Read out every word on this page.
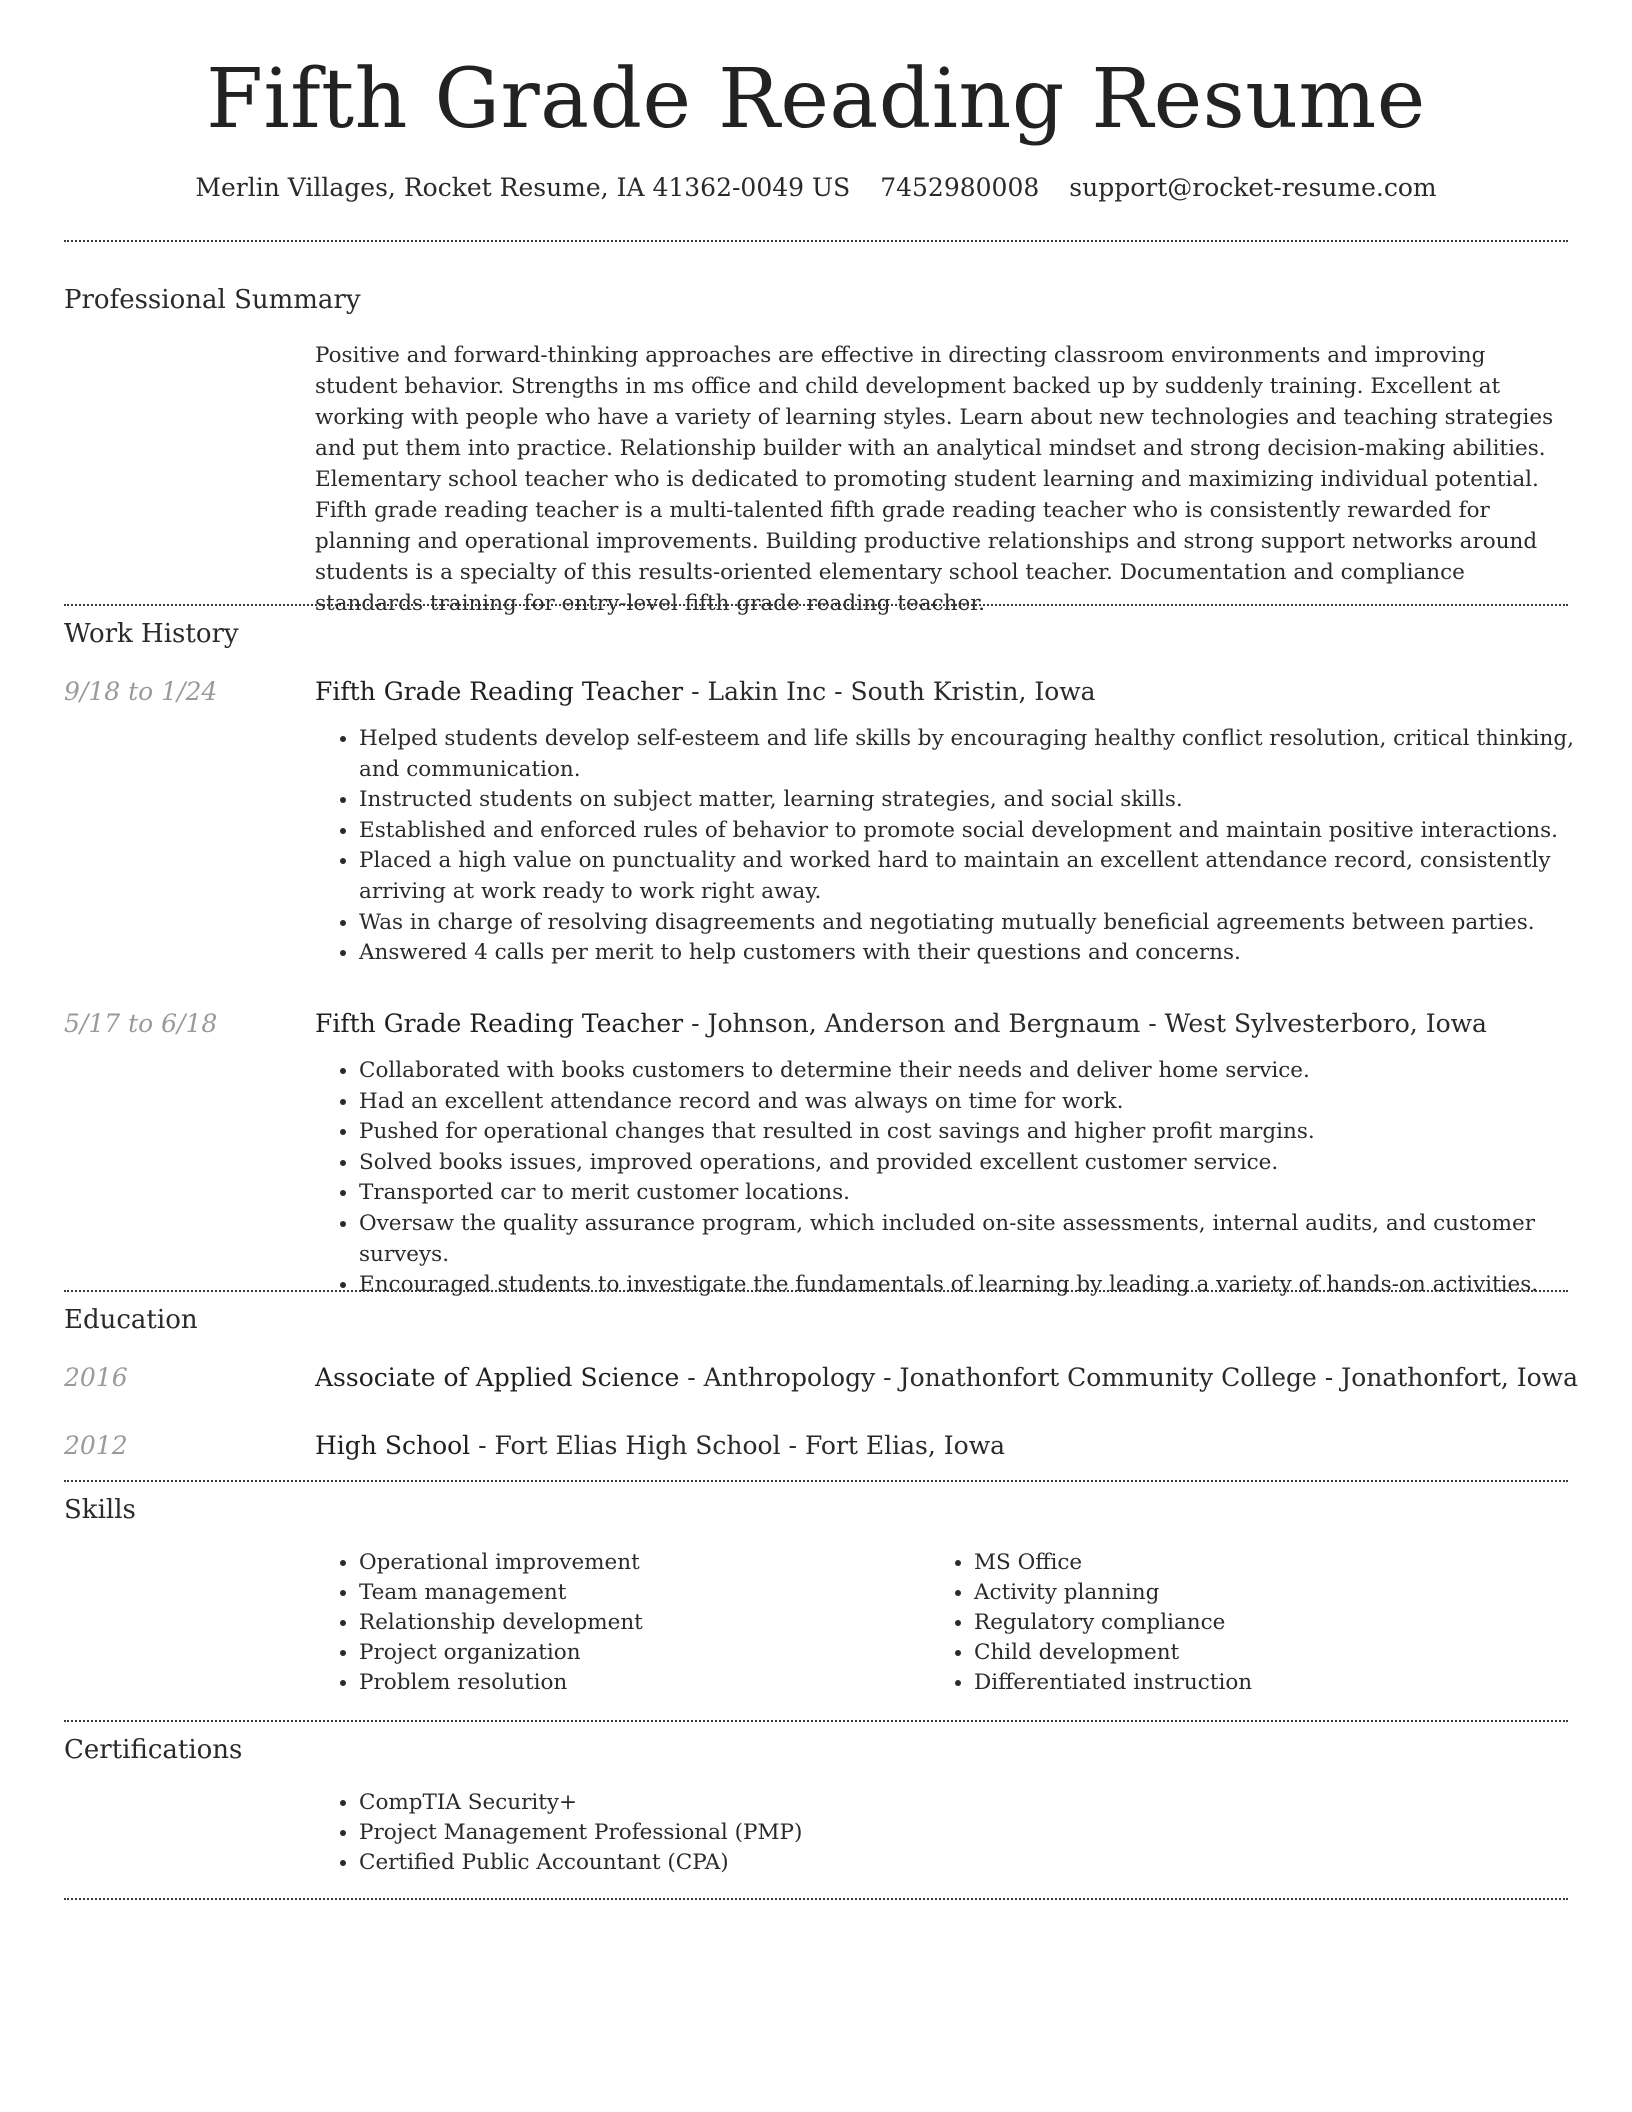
Fifth Grade Reading Resume
Merlin Villages, Rocket Resume, IA 41362-0049 US 7452980008 support@rocket-resume.com
Professional Summary

Positive and forward-thinking approaches are effective in directing classroom environments and improving student behavior. Strengths in ms office and child development backed up by suddenly training. Excellent at working with people who have a variety of learning styles. Learn about new technologies and teaching strategies and put them into practice. Relationship builder with an analytical mindset and strong decision-making abilities. Elementary school teacher who is dedicated to promoting student learning and maximizing individual potential. Fifth grade reading teacher is a multi-talented fifth grade reading teacher who is consistently rewarded for planning and operational improvements. Building productive relationships and strong support networks around students is a specialty of this results-oriented elementary school teacher. Documentation and compliance standards training for entry-level fifth grade reading teacher.

Work History
9/18 to 1/24	Fifth Grade Reading Teacher - Lakin Inc - South Kristin, Iowa
• Helped students develop self-esteem and life skills by encouraging healthy conflict resolution, critical thinking, and communication.
• Instructed students on subject matter, learning strategies, and social skills.
• Established and enforced rules of behavior to promote social development and maintain positive interactions.
• Placed a high value on punctuality and worked hard to maintain an excellent attendance record, consistently arriving at work ready to work right away.
• Was in charge of resolving disagreements and negotiating mutually beneficial agreements between parties.
• Answered 4 calls per merit to help customers with their questions and concerns.
5/17 to 6/18	Fifth Grade Reading Teacher - Johnson, Anderson and Bergnaum - West Sylvesterboro, Iowa
• Collaborated with books customers to determine their needs and deliver home service.
• Had an excellent attendance record and was always on time for work.
• Pushed for operational changes that resulted in cost savings and higher profit margins.
• Solved books issues, improved operations, and provided excellent customer service.
• Transported car to merit customer locations.
• Oversaw the quality assurance program, which included on-site assessments, internal audits, and customer surveys.
• Encouraged students to investigate the fundamentals of learning by leading a variety of hands-on activities.
Education
2016	Associate of Applied Science - Anthropology - Jonathonfort Community College - Jonathonfort, Iowa
2012	High School - Fort Elias High School - Fort Elias, Iowa
Skills
• Operational improvement
• Team management
• Relationship development
• Project organization
• Problem resolution
• MS Office
• Activity planning
• Regulatory compliance
• Child development
• Differentiated instruction
Certifications
• CompTIA Security+
• Project Management Professional (PMP)
• Certified Public Accountant (CPA)
